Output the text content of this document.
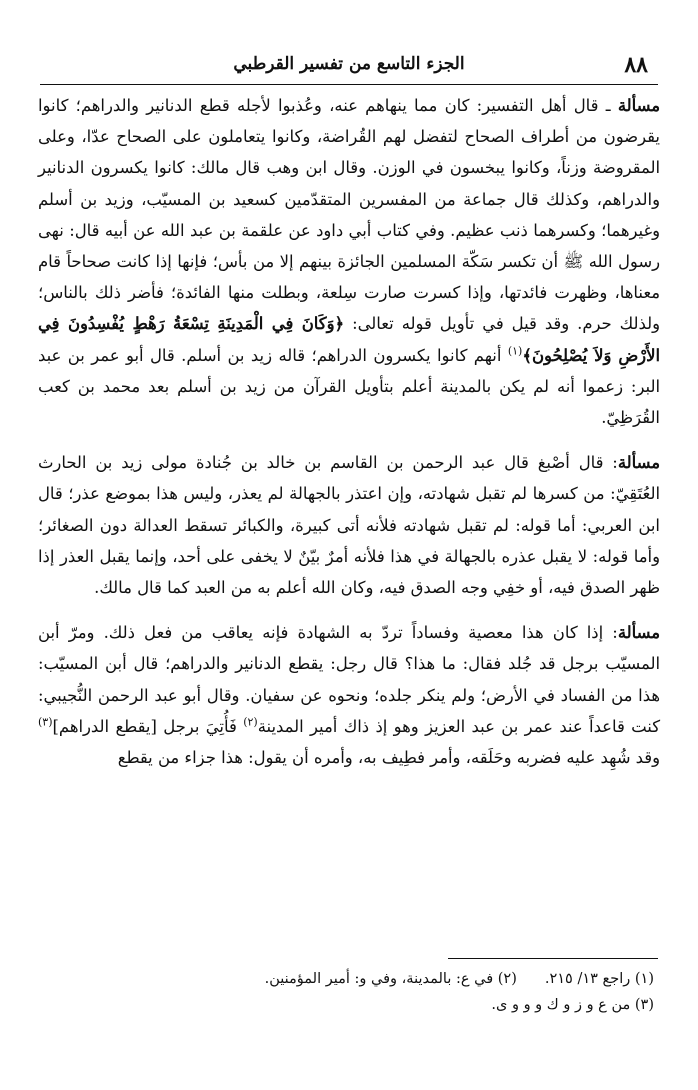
٨٨
الجزء التاسع من تفسير القرطبي

مسألة ـ قال أهل التفسير: كان مما ينهاهم عنه، وعُذبوا لأجله قطع الدنانير والدراهم؛ كانوا يقرضون من أطراف الصحاح لتفضل لهم القُراضة، وكانوا يتعاملون على الصحاح عدّا، وعلى المقروضة وزناً، وكانوا يبخسون في الوزن. وقال ابن وهب قال مالك: كانوا يكسرون الدنانير والدراهم، وكذلك قال جماعة من المفسرين المتقدّمين كسعيد بن المسيّب، وزيد بن أسلم وغيرهما؛ وكسرهما ذنب عظيم. وفي كتاب أبي داود عن علقمة بن عبد الله عن أبيه قال: نهى رسول الله ﷺ أن تكسر سَكّة المسلمين الجائزة بينهم إلا من بأس؛ فإنها إذا كانت صحاحاً قام معناها، وظهرت فائدتها، وإذا كسرت صارت سِلعة، وبطلت منها الفائدة؛ فأضر ذلك بالناس؛ ولذلك حرم. وقد قيل في تأويل قوله تعالى: ﴿وَكَانَ فِي الْمَدِينَةِ تِسْعَةُ رَهْطٍ يُفْسِدُونَ فِي الأَرْضِ وَلاَ يُصْلِحُونَ﴾$^{(١)}$ أنهم كانوا يكسرون الدراهم؛ قاله زيد بن أسلم. قال أبو عمر بن عبد البر: زعموا أنه لم يكن بالمدينة أعلم بتأويل القرآن من زيد بن أسلم بعد محمد بن كعب القُرَظِيّ.

مسألة: قال أصْبغ قال عبد الرحمن بن القاسم بن خالد بن جُنادة مولى زيد بن الحارث العُتَقِيّ: من كسرها لم تقبل شهادته، وإن اعتذر بالجهالة لم يعذر، وليس هذا بموضع عذر؛ قال ابن العربي: أما قوله: لم تقبل شهادته فلأنه أتى كبيرة، والكبائر تسقط العدالة دون الصغائر؛ وأما قوله: لا يقبل عذره بالجهالة في هذا فلأنه أمرٌ بيّنٌ لا يخفى على أحد، وإنما يقبل العذر إذا ظهر الصدق فيه، أو خفِي وجه الصدق فيه، وكان الله أعلم به من العبد كما قال مالك.

مسألة: إذا كان هذا معصية وفساداً تردّ به الشهادة فإنه يعاقب من فعل ذلك. ومرّ أبن المسيّب برجل قد جُلد فقال: ما هذا؟ قال رجل: يقطع الدنانير والدراهم؛ قال أبن المسيّب: هذا من الفساد في الأرض؛ ولم ينكر جلده؛ ونحوه عن سفيان. وقال أبو عبد الرحمن النُّجيبي: كنت قاعداً عند عمر بن عبد العزيز وهو إذ ذاك أمير المدينة$^{(٢)}$ فَأُتِيَ برجل [يقطع الدراهم]$^{(٣)}$ وقد شُهِد عليه فضربه وحَلَقه، وأمر فطِيف به، وأمره أن يقول: هذا جزاء من يقطع

(١) راجع ١٣/ ٢١٥.(٢) في ع: بالمدينة، وفي و: أمير المؤمنين.
(٣) من ع و ز و ك و و و ى.
